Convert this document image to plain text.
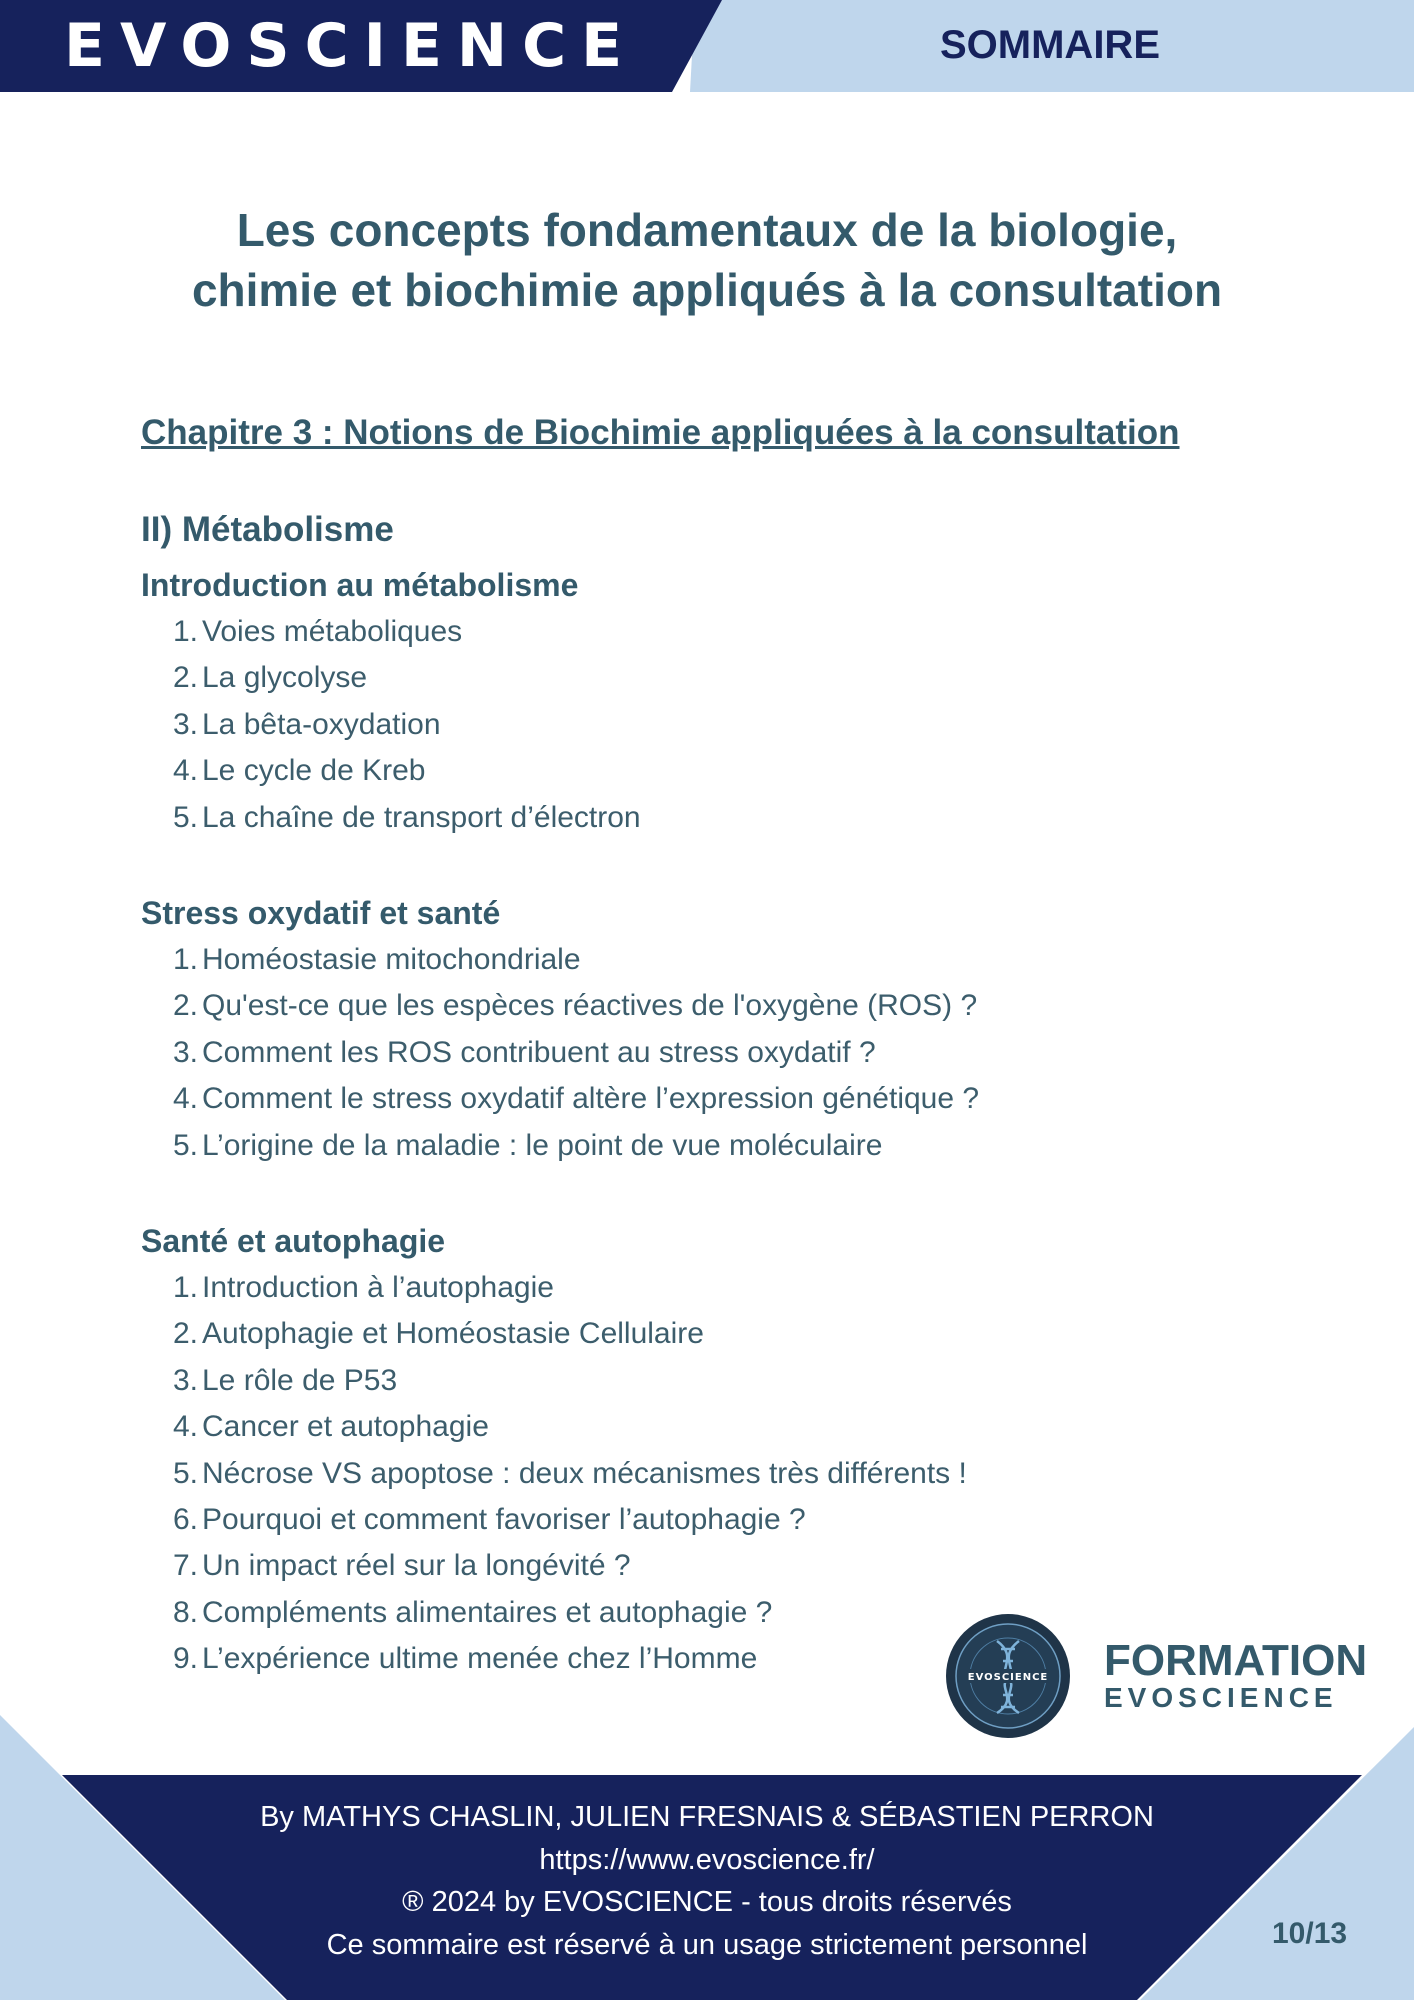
EVOSCIENCE	SOMMAIRE
Les concepts fondamentaux de la biologie,
chimie et biochimie appliqués à la consultation
Chapitre 3 : Notions de Biochimie appliquées à la consultation
II) Métabolisme
Introduction au métabolisme
1. Voies métaboliques
2. La glycolyse
3. La bêta-oxydation
4. Le cycle de Kreb
5. La chaîne de transport d’électron
Stress oxydatif et santé
1. Homéostasie mitochondriale
2. Qu'est-ce que les espèces réactives de l'oxygène (ROS) ?
3. Comment les ROS contribuent au stress oxydatif ?
4. Comment le stress oxydatif altère l’expression génétique ?
5. L’origine de la maladie : le point de vue moléculaire
Santé et autophagie
1. Introduction à l’autophagie
2. Autophagie et Homéostasie Cellulaire
3. Le rôle de P53
4. Cancer et autophagie
5. Nécrose VS apoptose : deux mécanismes très différents !
6. Pourquoi et comment favoriser l’autophagie ?
7. Un impact réel sur la longévité ?
8. Compléments alimentaires et autophagie ?
9. L’expérience ultime menée chez l’Homme
EVOSCIENCE FORMATION
EVOSCIENCE
By MATHYS CHASLIN, JULIEN FRESNAIS & SÉBASTIEN PERRON
https://www.evoscience.fr/
® 2024 by EVOSCIENCE - tous droits réservés
Ce sommaire est réservé à un usage strictement personnel	10/13
